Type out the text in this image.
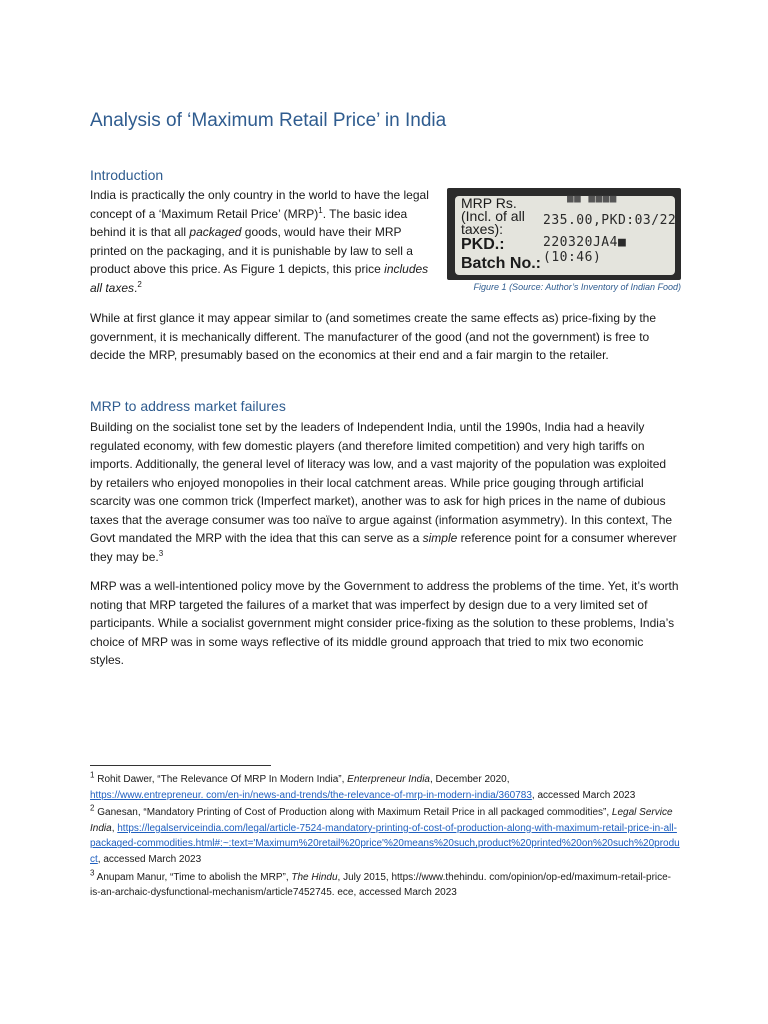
Analysis of ‘Maximum Retail Price’ in India
Introduction

India is practically the only country in the world to have the legal concept of a ‘Maximum Retail Price’ (MRP)$^1$. The basic idea behind it is that all packaged goods, would have their MRP printed on the packaging, and it is punishable by law to sell a product above this price. As Figure 1 depicts, this price includes all taxes.$^2$

MRP Rs.
(Incl. of all
taxes):
PKD.:
Batch No.:
■■ ■■■■
235.00,PKD:03/22
220320JA4■ (10:46)
Figure 1 (Source: Author’s Inventory of Indian Food)

While at first glance it may appear similar to (and sometimes create the same effects as) price-fixing by the government, it is mechanically different. The manufacturer of the good (and not the government) is free to decide the MRP, presumably based on the economics at their end and a fair margin to the retailer.

MRP to address market failures

Building on the socialist tone set by the leaders of Independent India, until the 1990s, India had a heavily regulated economy, with few domestic players (and therefore limited competition) and very high tariffs on imports. Additionally, the general level of literacy was low, and a vast majority of the population was exploited by retailers who enjoyed monopolies in their local catchment areas. While price gouging through artificial scarcity was one common trick (Imperfect market), another was to ask for high prices in the name of dubious taxes that the average consumer was too naïve to argue against (information asymmetry). In this context, The Govt mandated the MRP with the idea that this can serve as a simple reference point for a consumer wherever they may be.$^3$

MRP was a well-intentioned policy move by the Government to address the problems of the time. Yet, it’s worth noting that MRP targeted the failures of a market that was imperfect by design due to a very limited set of participants. While a socialist government might consider price-fixing as the solution to these problems, India’s choice of MRP was in some ways reflective of its middle ground approach that tried to mix two economic styles.

$^1$ Rohit Dawer, “The Relevance Of MRP In Modern India”, Enterpreneur India, December 2020,
https://www.entrepreneur. com/en-in/news-and-trends/the-relevance-of-mrp-in-modern-india/360783, accessed March 2023

$^2$ Ganesan, “Mandatory Printing of Cost of Production along with Maximum Retail Price in all packaged commodities”, Legal Service India, https://legalserviceindia.com/legal/article-7524-mandatory-printing-of-cost-of-production-along-with-maximum-retail-price-in-all-packaged-commodities.html#:~:text='Maximum%20retail%20price'%20means%20such,product%20printed%20on%20such%20product, accessed March 2023

$^3$ Anupam Manur, “Time to abolish the MRP”, The Hindu, July 2015, https://www.thehindu. com/opinion/op-ed/maximum-retail-price-is-an-archaic-dysfunctional-mechanism/article7452745. ece, accessed March 2023
